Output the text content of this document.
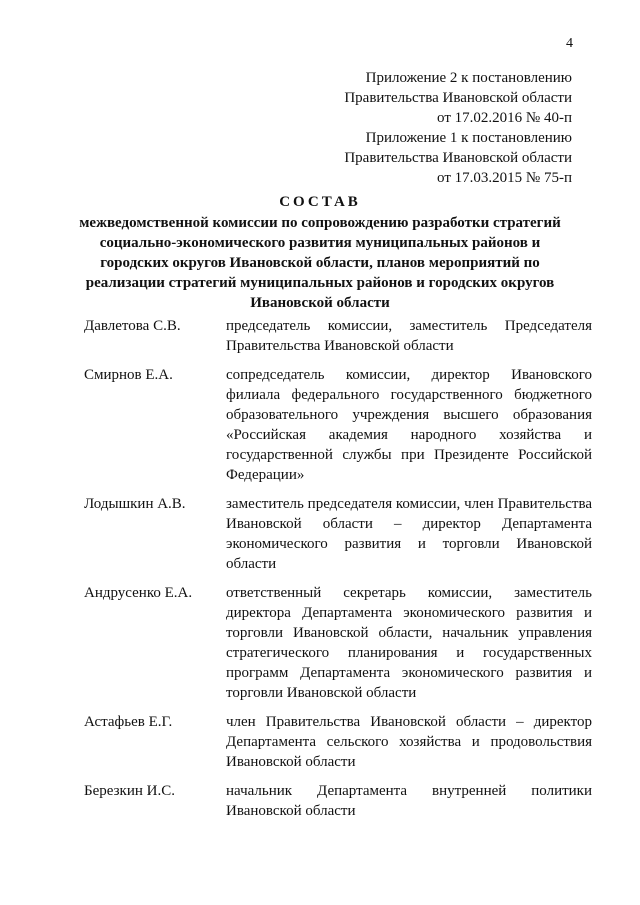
4
Приложение 2 к постановлению
Правительства Ивановской области
от 17.02.2016 № 40-п
Приложение 1 к постановлению
Правительства Ивановской области
от 17.03.2015 № 75-п
СОСТАВ
межведомственной комиссии по сопровождению разработки стратегий социально-экономического развития муниципальных районов и городских округов Ивановской области, планов мероприятий по реализации стратегий муниципальных районов и городских округов Ивановской области
Давлетова С.В.	председатель комиссии, заместитель Председателя Правительства Ивановской области
Смирнов Е.А.	сопредседатель комиссии, директор Ивановского филиала федерального государственного бюджетного образовательного учреждения высшего образования «Российская академия народного хозяйства и государственной службы при Президенте Российской Федерации»
Лодышкин А.В.	заместитель председателя комиссии, член Правительства Ивановской области – директор Департамента экономического развития и торговли Ивановской области
Андрусенко Е.А.	ответственный секретарь комиссии, заместитель директора Департамента экономического развития и торговли Ивановской области, начальник управления стратегического планирования и государственных программ Департамента экономического развития и торговли Ивановской области
Астафьев Е.Г.	член Правительства Ивановской области – директор Департамента сельского хозяйства и продовольствия Ивановской области
Березкин И.С.	начальник Департамента внутренней политики Ивановской области
